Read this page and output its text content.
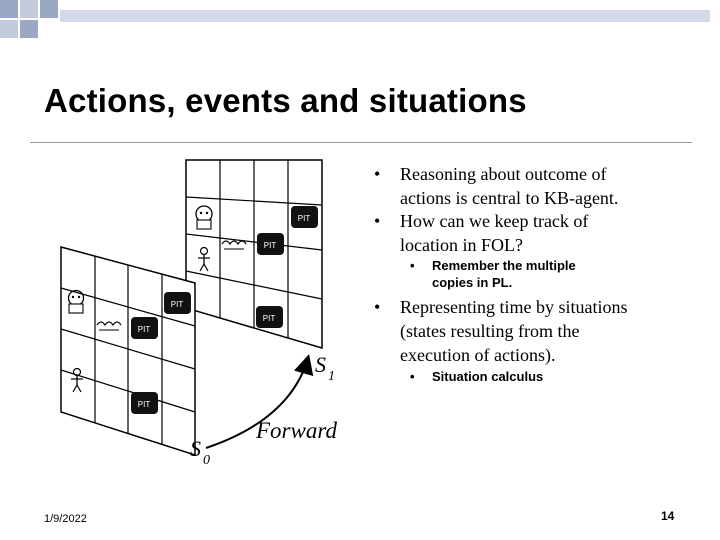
Actions, events and situations
PIT
PIT
PIT
PIT
PIT
PIT
Forward
S 0
S 1
• Reasoning about outcome of
actions is central to KB-agent.
• How can we keep track of
location in FOL?
• Remember the multiple
copies in PL.
• Representing time by situations
(states resulting from the
execution of actions).
• Situation calculus
1/9/2022	14
